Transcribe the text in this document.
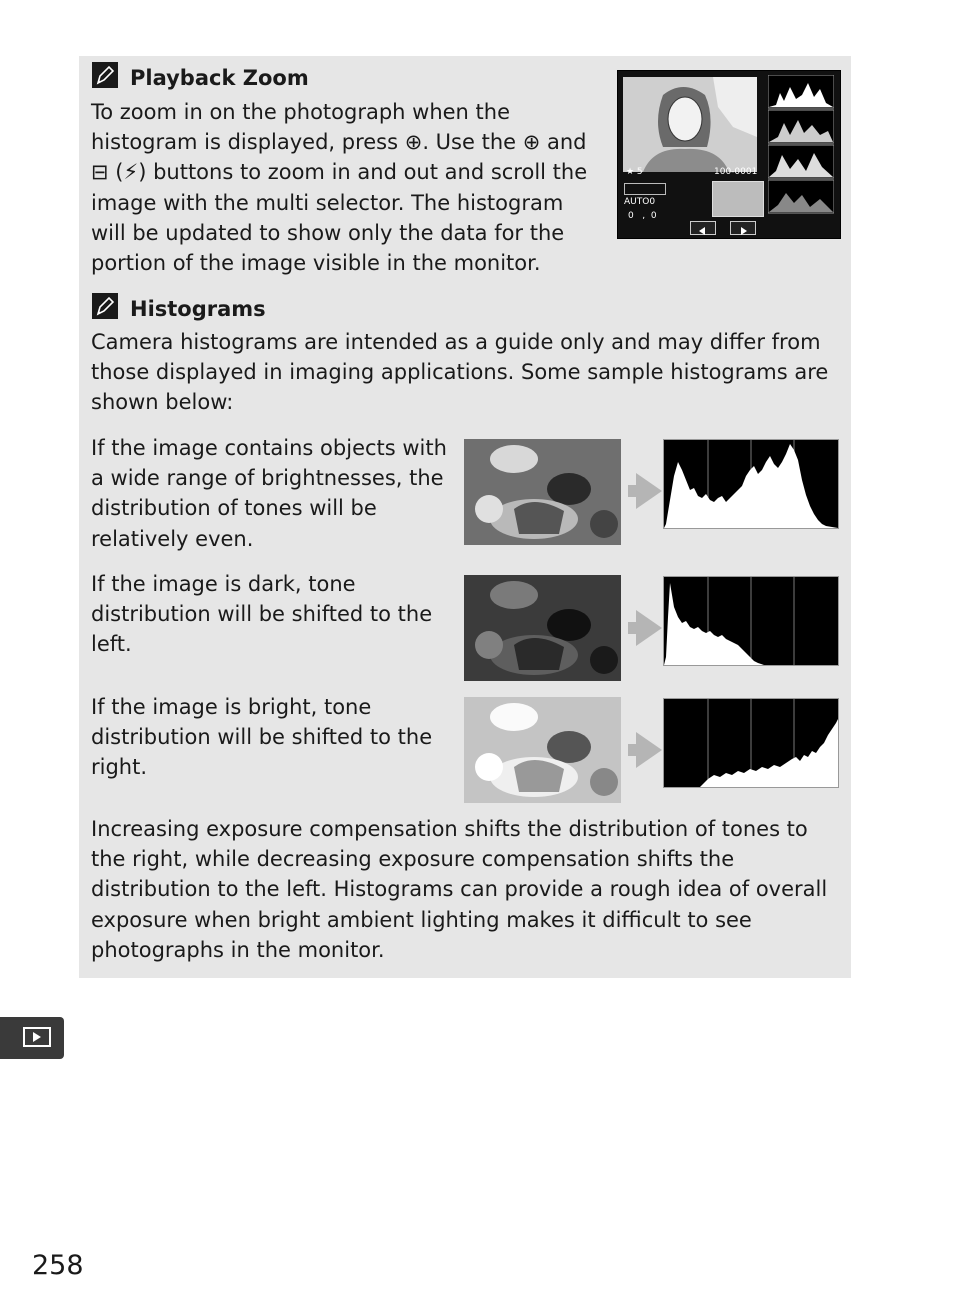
Playback Zoom

To zoom in on the photograph when the histogram is displayed, press ⊕. Use the ⊕ and ⊟ (⚡) buttons to zoom in and out and scroll the image with the multi selector. The histogram will be updated to show only the data for the portion of the image visible in the monitor.

★ 5	100-0001
AUTO0
0   ,  0
Histograms

Camera histograms are intended as a guide only and may differ from those displayed in imaging applications. Some sample histograms are shown below:

If the image contains objects with a wide range of brightnesses, the distribution of tones will be relatively even.

If the image is dark, tone distribution will be shifted to the left.

If the image is bright, tone distribution will be shifted to the right.

Increasing exposure compensation shifts the distribution of tones to the right, while decreasing exposure compensation shifts the distribution to the left. Histograms can provide a rough idea of overall exposure when bright ambient lighting makes it difficult to see photographs in the monitor.

258
